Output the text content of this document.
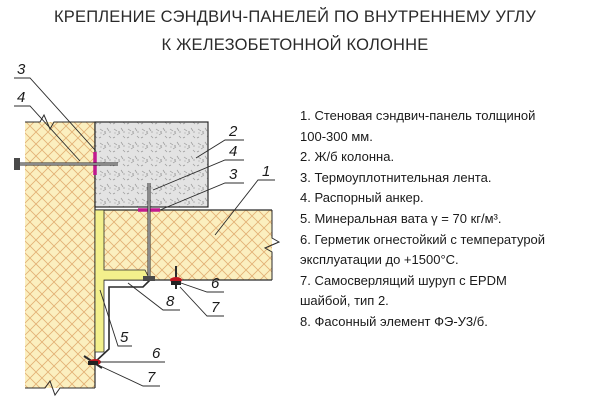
КРЕПЛЕНИЕ СЭНДВИЧ-ПАНЕЛЕЙ ПО ВНУТРЕННЕМУ УГЛУ
К ЖЕЛЕЗОБЕТОННОЙ КОЛОННЕ
3
4
2
4
3 1
6
7
8
5
6
7
1. Стеновая сэндвич-панель толщиной
100-300 мм.
2. Ж/б колонна.
3. Термоуплотнительная лента.
4. Распорный анкер.
5. Минеральная вата γ = 70 кг/м³.
6. Герметик огнестойкий с температурой
эксплуатации до +1500°С.
7. Самосверлящий шуруп с EPDM
шайбой, тип 2.
8. Фасонный элемент ФЭ-У3/б.
